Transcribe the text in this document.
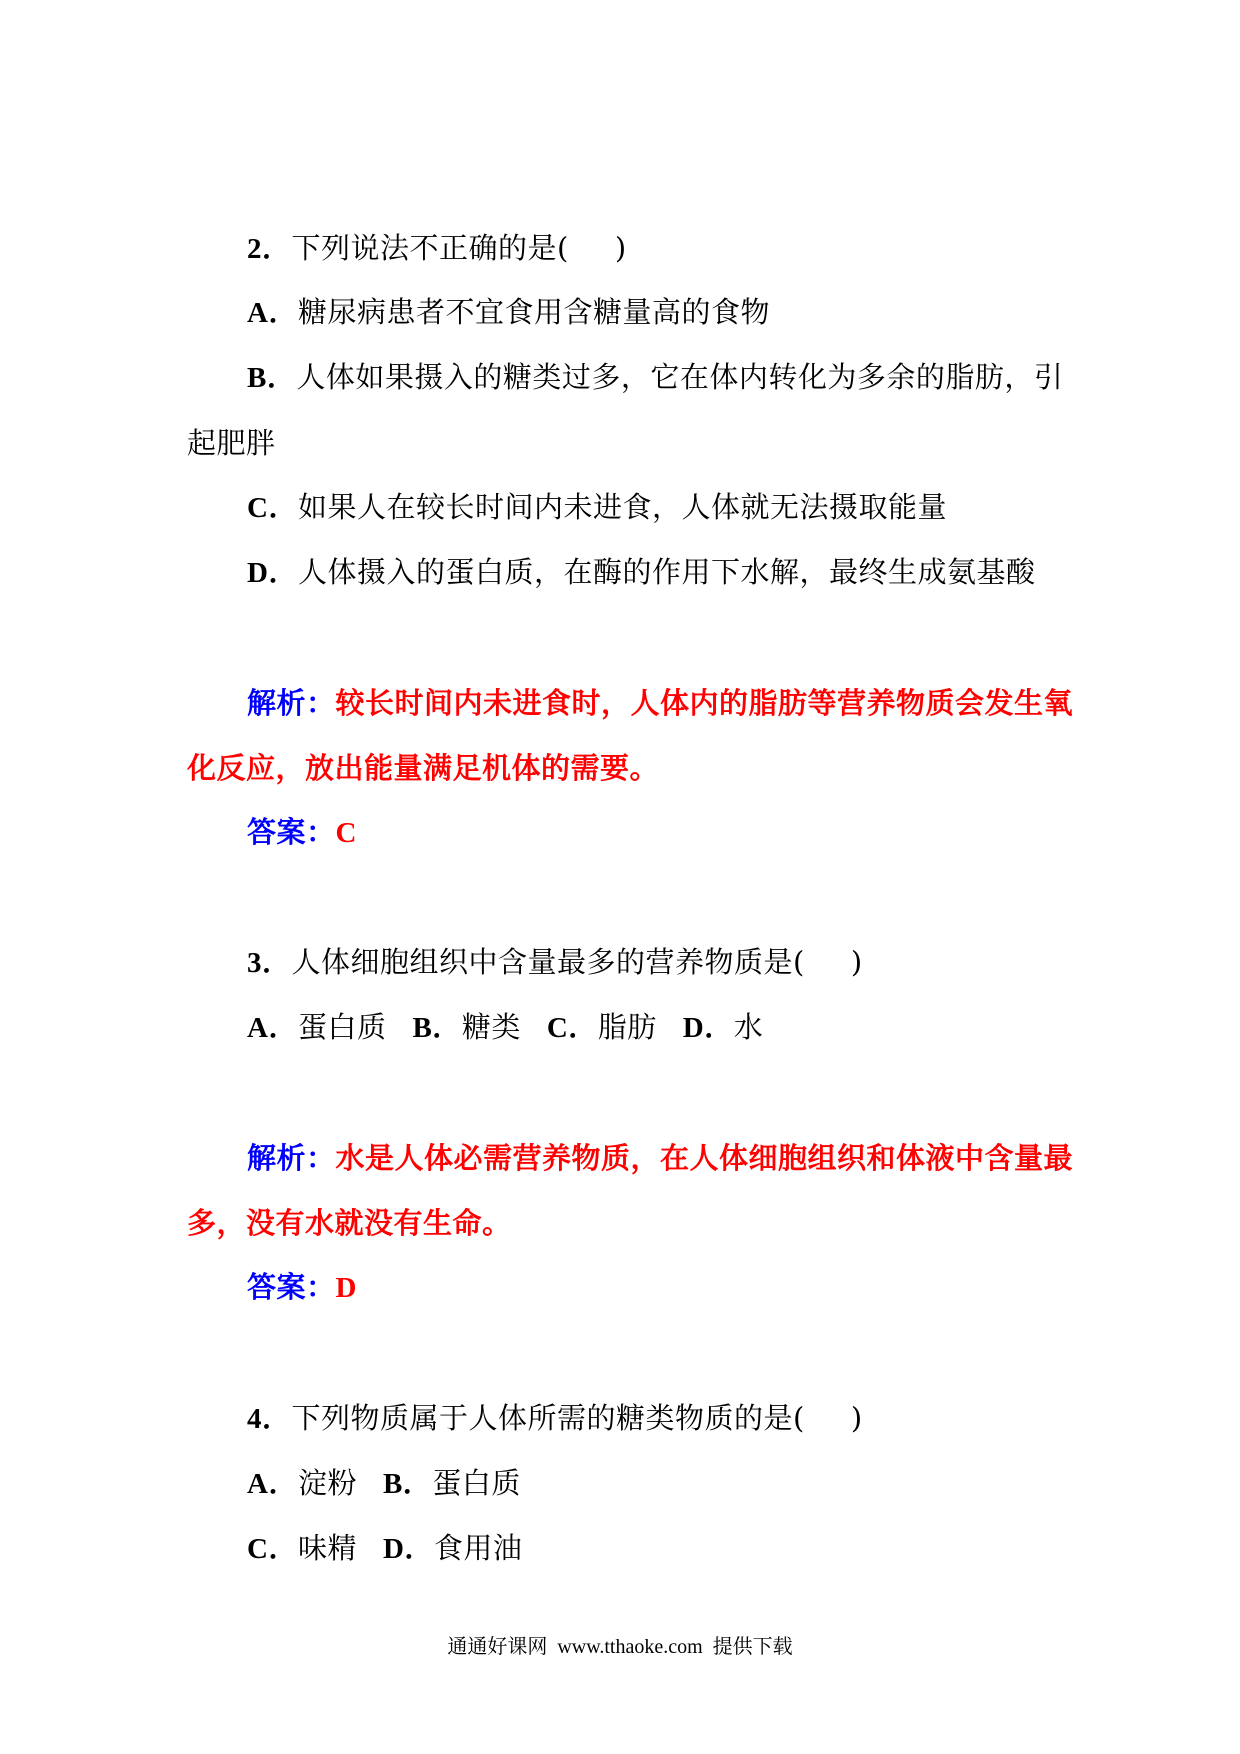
2．下列说法不正确的是( )
A．糖尿病患者不宜食用含糖量高的食物
B．人体如果摄入的糖类过多，它在体内转化为多余的脂肪，引
起肥胖
C．如果人在较长时间内未进食，人体就无法摄取能量
D．人体摄入的蛋白质，在酶的作用下水解，最终生成氨基酸
解析：较长时间内未进食时，人体内的脂肪等营养物质会发生氧
化反应，放出能量满足机体的需要。
答案：C
3．人体细胞组织中含量最多的营养物质是( )
A．蛋白质 B．糖类 C．脂肪 D．水
解析：水是人体必需营养物质，在人体细胞组织和体液中含量最
多，没有水就没有生命。
答案：D
4．下列物质属于人体所需的糖类物质的是( )
A．淀粉 B．蛋白质
C．味精 D．食用油
通通好课网 www.tthaoke.com 提供下载
